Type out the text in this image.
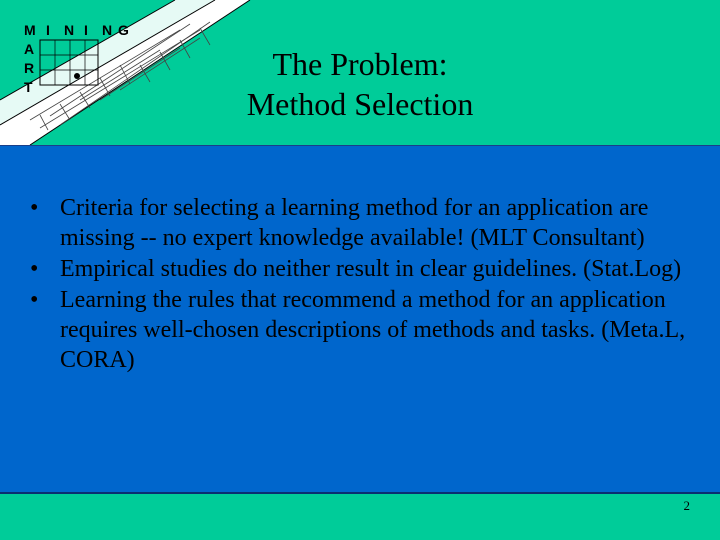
M I N I N G
A
R
T
The Problem:
Method Selection
• Criteria for selecting a learning method for an application are missing -- no expert knowledge available! (MLT Consultant)
• Empirical studies do neither result in clear guidelines. (Stat.Log)
• Learning the rules that recommend a method for an application requires well-chosen descriptions of methods and tasks. (Meta.L, CORA)
2
